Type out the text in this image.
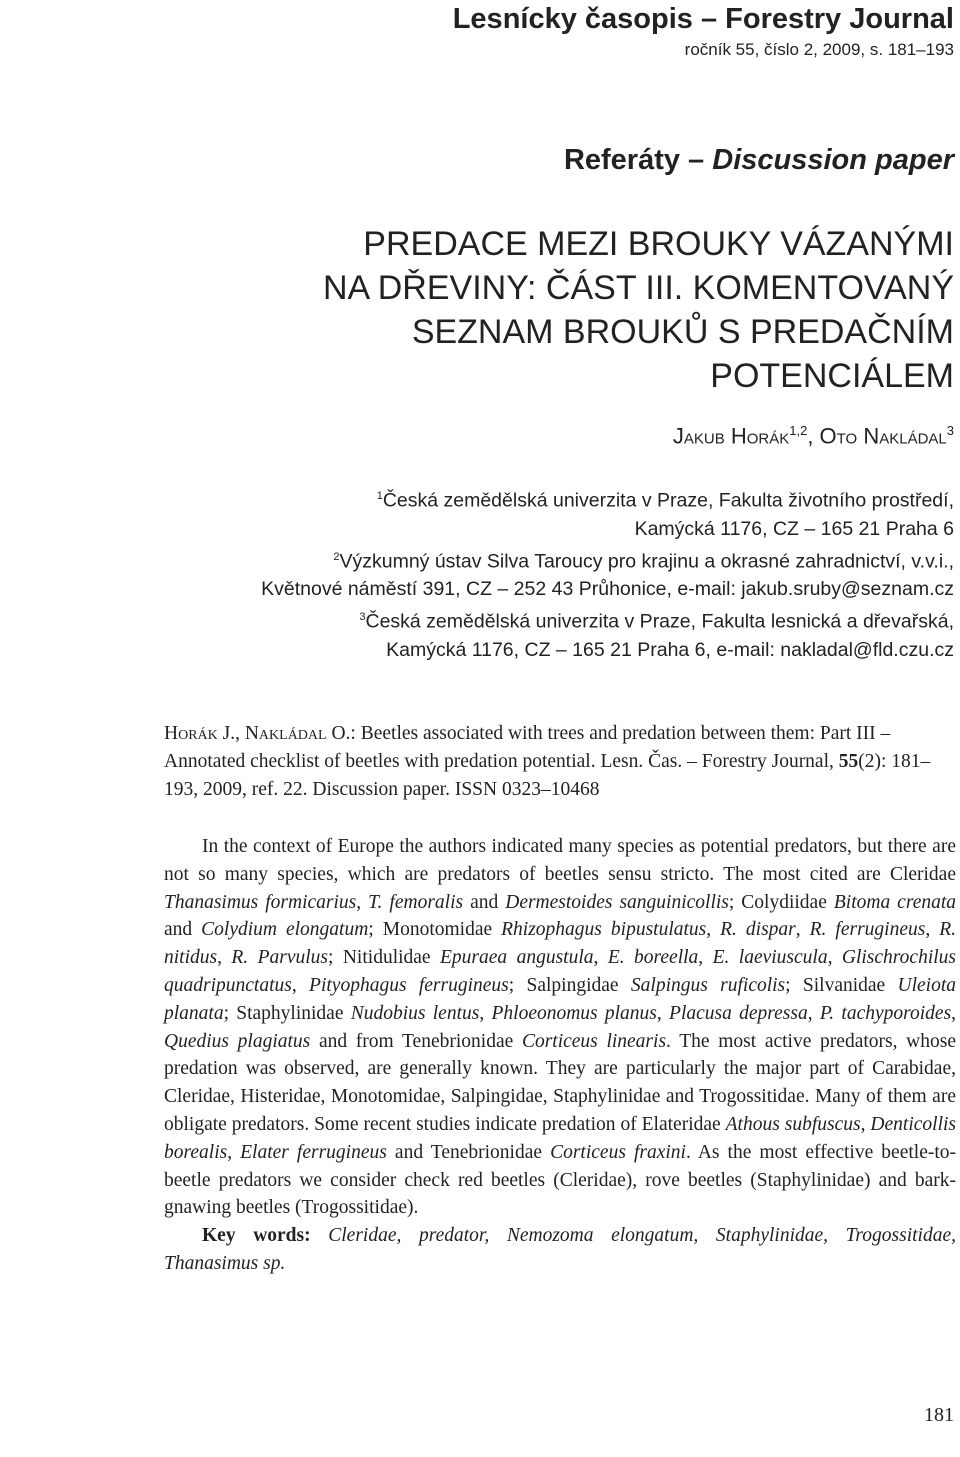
Lesnícky časopis – Forestry Journal
ročník 55, číslo 2, 2009, s. 181–193
Referáty – Discussion paper
PREDACE MEZI BROUKY VÁZANÝMI
NA DŘEVINY: ČÁST III. KOMENTOVANÝ
SEZNAM BROUKŮ S PREDAČNÍM
POTENCIÁLEM
Jakub Horák$^{1,2}$, Oto Nakládal$^3$
$^1$Česká zemědělská univerzita v Praze, Fakulta životního prostředí,
Kamýcká 1176, CZ – 165 21 Praha 6
$^2$Výzkumný ústav Silva Taroucy pro krajinu a okrasné zahradnictví, v.v.i.,
Květnové náměstí 391, CZ – 252 43 Průhonice, e-mail: jakub.sruby@seznam.cz
$^3$Česká zemědělská univerzita v Praze, Fakulta lesnická a dřevařská,
Kamýcká 1176, CZ – 165 21 Praha 6, e-mail: nakladal@fld.czu.cz
Horák J., Nakládal O.: Beetles associated with trees and predation between them: Part III – Annotated checklist of beetles with predation potential. Lesn. Čas. – Forestry Journal, 55(2): 181–193, 2009, ref. 22. Discussion paper. ISSN 0323–10468

In the context of Europe the authors indicated many species as potential predators, but there are not so many species, which are predators of beetles sensu stricto. The most cited are Cleridae Thanasimus formicarius, T. femoralis and Dermestoides sanguinicollis; Colydiidae Bitoma crenata and Colydium elongatum; Monotomidae Rhizophagus bipustulatus, R. dispar, R. ferrugineus, R. nitidus, R. Parvulus; Nitidulidae Epuraea angustula, E. boreella, E. laeviuscula, Glischrochilus quadripunctatus, Pityophagus ferrugineus; Salpingidae Salpingus ruficolis; Silvanidae Uleiota planata; Staphylinidae Nudobius lentus, Phloeonomus planus, Placusa depressa, P. tachyporoides, Quedius plagiatus and from Tenebrionidae Corticeus linearis. The most active predators, whose predation was observed, are generally known. They are particularly the major part of Carabidae, Cleridae, Histeridae, Monotomidae, Salpingidae, Staphylinidae and Trogossitidae. Many of them are obligate predators. Some recent studies indicate predation of Elateridae Athous subfuscus, Denticollis borealis, Elater ferrugineus and Tenebrionidae Corticeus fraxini. As the most effective beetle-to-beetle predators we consider check red beetles (Cleridae), rove beetles (Staphylinidae) and bark-gnawing beetles (Trogossitidae).

Key words: Cleridae, predator, Nemozoma elongatum, Staphylinidae, Trogossitidae, Thanasimus sp.

181
